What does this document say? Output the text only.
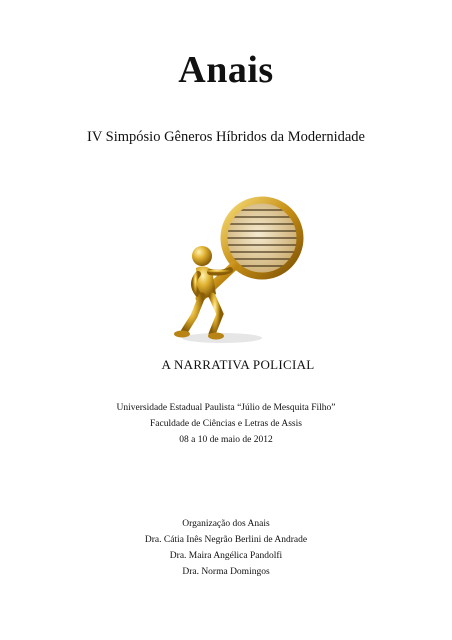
Anais

IV Simpósio Gêneros Híbridos da Modernidade

A NARRATIVA POLICIAL

Universidade Estadual Paulista “Júlio de Mesquita Filho”

Faculdade de Ciências e Letras de Assis

08 a 10 de maio de 2012

Organização dos Anais

Dra. Cátia Inês Negrão Berlini de Andrade

Dra. Maira Angélica Pandolfi

Dra. Norma Domingos
